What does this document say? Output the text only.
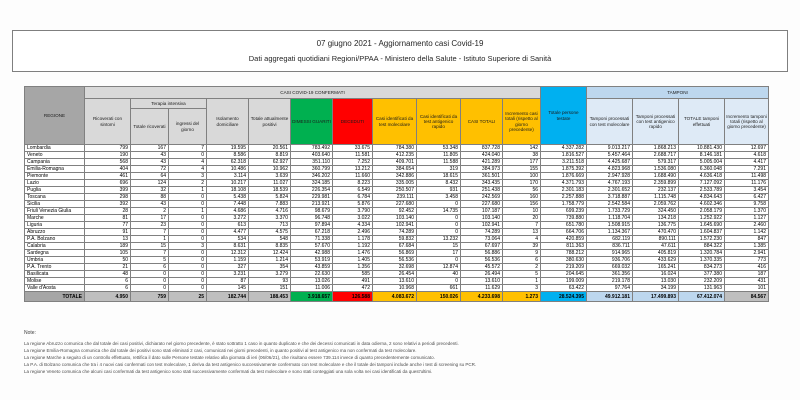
07 giugno 2021 - Aggiornamento casi Covid-19
Dati aggregati quotidiani Regioni/PPAA - Ministero della Salute - Istituto Superiore di Sanità
REGIONE	CASI COVID-19 CONFERMATI											Totale persone testate	TAMPONI			
	Ricoverati con sintomi	Terapia intensiva		Isolamento domiciliare	Totale attualmente positivi	DIMESSI GUARITI	DECEDUTI	Casi identificati da test molecolare	Casi identificati da test antigenico rapido	CASI TOTALI	Incremento casi totali (rispetto al giorno precedente)		Tamponi processati con test molecolare	Tamponi processati con test antigenico rapido	TOTALE tamponi effettuati	Incremento tamponi totali (rispetto al giorno precedente)
		Totale ricoverati	ingressi del giorno													
Lombardia	799	167	7	19.595	20.561	783.492	33.675	784.380	53.348	837.728	142	4.337.282	9.013.217	1.868.213	10.881.430	12.697
Veneto	190	43	0	8.586	8.819	403.640	11.581	412.235	11.805	424.040	38	1.816.527	5.457.464	2.688.717	8.146.181	4.618
Campania	568	43	4	62.318	62.927	351.110	7.252	409.701	11.588	421.289	177	3.211.518	4.425.687	579.317	5.005.004	4.417
Emilia-Romagna	404	72	4	10.486	10.962	360.799	13.212	384.654	319	384.973	155	1.875.392	4.823.968	1.536.080	6.360.048	7.291
Piemonte	461	64	3	3.114	3.639	346.202	11.660	342.886	18.615	361.501	100	1.876.669	2.947.928	1.688.490	4.636.418	11.498
Lazio	696	124	2	10.217	11.027	324.185	8.223	335.005	8.432	343.435	170	4.371.793	4.767.193	2.359.899	7.127.092	11.176
Puglia	399	32	1	18.108	18.539	226.354	6.549	250.507	931	251.438	56	2.301.183	2.301.652	232.137	2.533.789	3.454
Toscana	298	88	0	5.438	5.824	229.981	6.784	239.111	3.458	242.569	160	2.257.888	3.718.887	1.115.748	4.834.643	6.427
Sicilia	392	43	0	7.448	7.883	213.921	5.876	227.680	0	227.680	156	1.758.779	2.542.584	2.059.762	4.602.346	9.758
Friuli Venezia Giulia	28	2	1	4.686	4.716	98.679	3.790	92.452	14.735	107.187	10	699.239	1.733.729	324.450	2.058.179	1.370
Marche	81	17	0	3.272	3.370	96.748	3.022	103.140	0	103.140	20	739.880	1.118.704	134.218	1.252.922	1.127
Liguria	77	23	0	613	713	97.894	4.334	102.941	0	102.941	7	651.780	1.508.915	136.775	1.645.690	2.460
Abruzzo	91	7	0	4.477	4.575	67.218	2.496	74.289	0	74.289	13	664.706	1.134.367	470.470	1.604.837	1.142
P.A. Bolzano	13	1	0	534	548	71.338	1.178	59.832	13.232	73.064	4	420.859	682.119	890.111	1.572.230	847
Calabria	189	15	3	8.631	8.835	57.670	1.192	67.684	15	67.697	39	811.363	836.711	47.611	884.322	1.385
Sardegna	105	7	0	12.312	12.424	42.988	1.476	56.869	17	56.886	9	788.212	914.965	405.819	1.320.784	2.941
Umbria	50	5	0	1.159	1.214	53.919	1.405	56.536	0	56.536	6	380.630	936.706	433.629	1.370.335	773
P.A. Trento	21	6	0	327	354	43.859	1.356	32.698	12.874	45.572	2	219.209	669.032	165.241	834.273	416
Basilicata	48	0	0	3.231	3.279	22.630	585	26.454	40	26.494	5	204.645	361.356	16.024	377.380	187
Molise	6	0	0	87	93	13.026	491	13.610	0	13.610	1	199.009	219.178	13.030	232.209	431
Valle d'Aosta	6	0	0	145	151	11.006	472	10.968	661	11.629	3	63.422	97.764	34.199	131.963	101
TOTALE	4.950	759	25	182.744	188.453	3.918.657	126.588	4.083.672	150.026	4.233.698	1.273	28.524.395	49.912.181	17.499.893	67.412.074	84.567
Note:
La regione Abruzzo comunica che dal totale dei casi positivi, dichiarato nel giorno precedente, è stato sottratto 1 caso in quanto duplicato e che dei decessi comunicati in data odierna, 2 sono relativi a periodi precedenti.
La regione Emilia-Romagna comunica che dal totale dei positivi sono stati eliminati 2 casi, comunicati nei giorni precedenti, in quanto positivi al test antigenico ma non confermati da test molecolare.
La regione Marche a seguito di un controllo effettuato, rettifica il dato sulle Persone testate relativo alla giornata di ieri (06/06/21), che risultano essere 739.114 invece di quanto precedentemente comunicato.
La P.A. di Bolzano comunica che tra i 4 nuovi casi confermati con test molecolare, 1 deriva da test antigenico successivamente confermato con test molecolare e che il totale dei tamponi include anche i test di screening su PCR.
La regione Veneto comunica che alcuni casi confermati da test antigenico sono stati successivamente confermati da test molecolare e sono stati conteggiati una sola volta nei casi identificati da quest'ultimi.
